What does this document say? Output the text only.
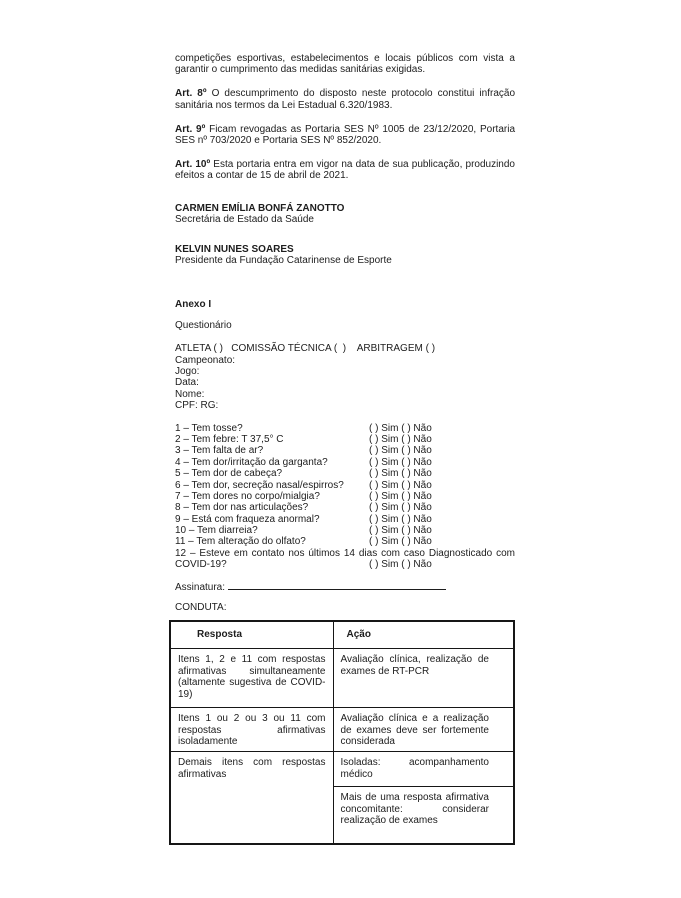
competições esportivas, estabelecimentos e locais públicos com vista a garantir o cumprimento das medidas sanitárias exigidas.

Art. 8º O descumprimento do disposto neste protocolo constitui infração sanitária nos termos da Lei Estadual 6.320/1983.

Art. 9º Ficam revogadas as Portaria SES Nº 1005 de 23/12/2020, Portaria SES nº 703/2020 e Portaria SES Nº 852/2020.

Art. 10º Esta portaria entra em vigor na data de sua publicação, produzindo efeitos a contar de 15 de abril de 2021.

CARMEN EMÍLIA BONFÁ ZANOTTO
Secretária de Estado da Saúde
KELVIN NUNES SOARES
Presidente da Fundação Catarinense de Esporte
Anexo I
Questionário
ATLETA ( )   COMISSÃO TÉCNICA (  )    ARBITRAGEM ( )
Campeonato:
Jogo:
Data:
Nome:
CPF: RG:
1 – Tem tosse?	( ) Sim ( ) Não
2 – Tem febre: T 37,5° C	( ) Sim ( ) Não
3 – Tem falta de ar?	( ) Sim ( ) Não
4 – Tem dor/irritação da garganta?	( ) Sim ( ) Não
5 – Tem dor de cabeça?	( ) Sim ( ) Não
6 – Tem dor, secreção nasal/espirros?	( ) Sim ( ) Não
7 – Tem dores no corpo/mialgia?	( ) Sim ( ) Não
8 – Tem dor nas articulações?	( ) Sim ( ) Não
9 – Está com fraqueza anormal?	( ) Sim ( ) Não
10 – Tem diarreia?	( ) Sim ( ) Não
11 – Tem alteração do olfato?	( ) Sim ( ) Não
12 – Esteve em contato nos últimos 14 dias com caso Diagnosticado com
COVID-19?	( ) Sim ( ) Não
Assinatura:
CONDUTA:
Resposta	Ação
Itens 1, 2 e 11 com respostas afirmativas simultaneamente (altamente sugestiva de COVID-19)	Avaliação clínica, realização de exames de RT-PCR
Itens 1 ou 2 ou 3 ou 11 com respostas afirmativas isoladamente	Avaliação clínica e a realização de exames deve ser fortemente considerada
Demais itens com respostas afirmativas	Isoladas: acompanhamento médico
	Mais de uma resposta afirmativa concomitante: considerar realização de exames
